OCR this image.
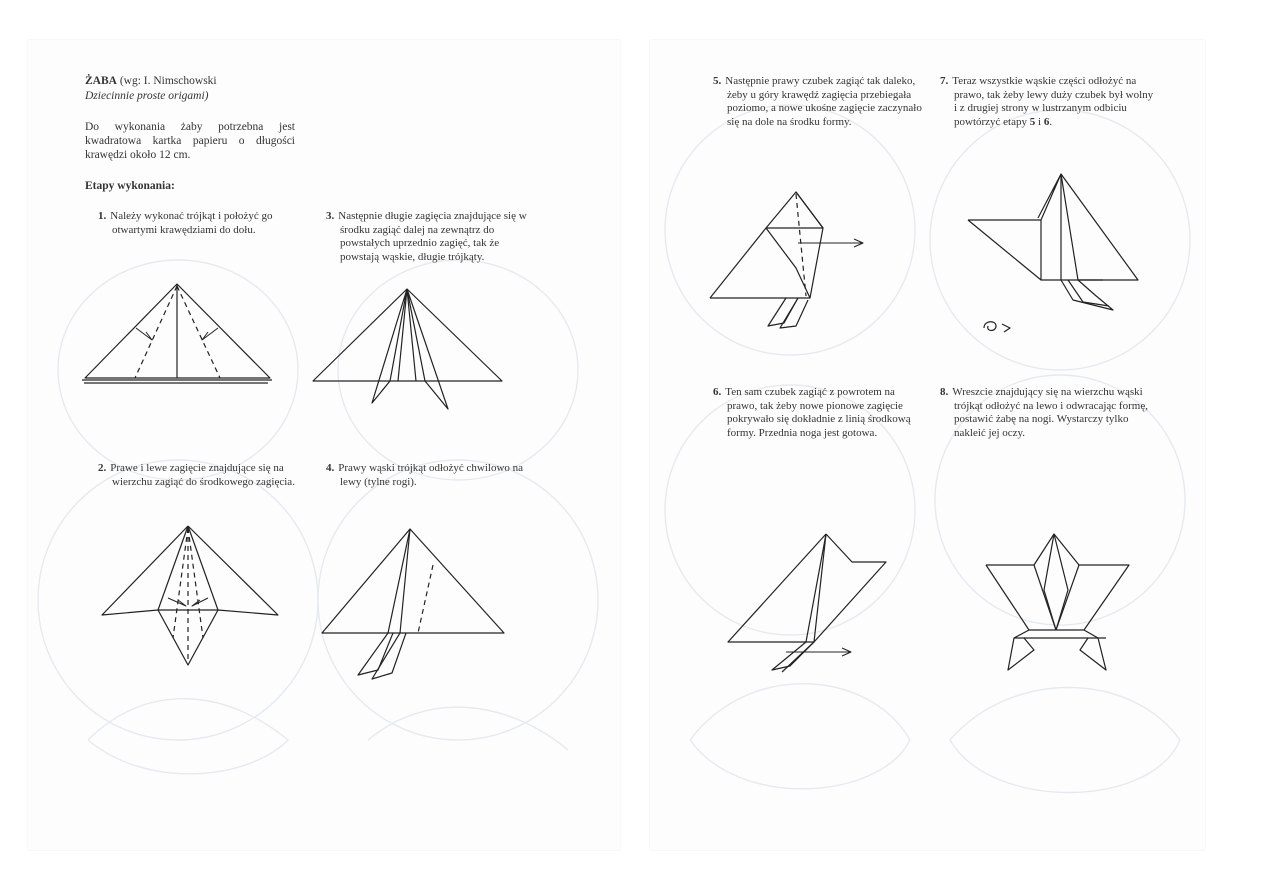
ŻABA (wg: I. Nimschowski
Dziecinnie proste origami)
Do wykonania żaby potrzebna jest kwadratowa kartka papieru o długości krawędzi około 12 cm.
Etapy wykonania:
1. Należy wykonać trójkąt i położyć go otwartymi krawędziami do dołu.
3. Następnie długie zagięcia znajdujące się w środku zagiąć dalej na zewnątrz do powstałych uprzednio zagięć, tak że powstają wąskie, długie trójkąty.
2. Prawe i lewe zagięcie znajdujące się na wierzchu zagiąć do środkowego zagięcia.
4. Prawy wąski trójkąt odłożyć chwilowo na lewy (tylne rogi).
5. Następnie prawy czubek zagiąć tak daleko, żeby u góry krawędź zagięcia przebiegała poziomo, a nowe ukośne zagięcie zaczynało się na dole na środku formy.
7. Teraz wszystkie wąskie części odłożyć na prawo, tak żeby lewy duży czubek był wolny i z drugiej strony w lustrzanym odbiciu powtórzyć etapy 5 i 6.
6. Ten sam czubek zagiąć z powrotem na prawo, tak żeby nowe pionowe zagięcie pokrywało się dokładnie z linią środkową formy. Przednia noga jest gotowa.
8. Wreszcie znajdujący się na wierzchu wąski trójkąt odłożyć na lewo i odwracając formę, postawić żabę na nogi. Wystarczy tylko nakleić jej oczy.
